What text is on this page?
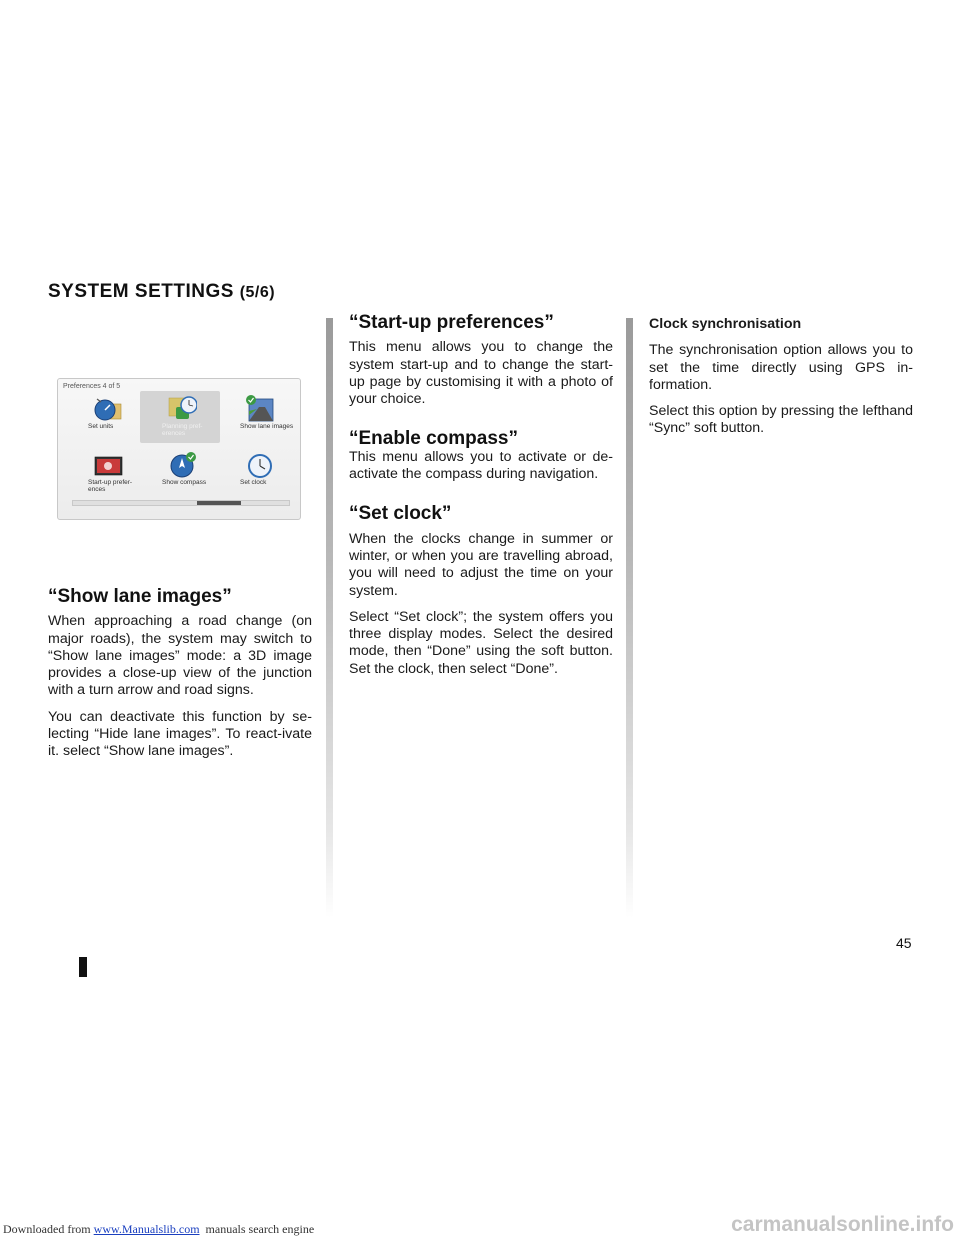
SYSTEM SETTINGS (5/6)
Preferences 4 of 5
Set units	Planning pref-erences
Show lane images
Start-up prefer-ences
Show compass	Set clock
“Show lane images”

When approaching a road change (on major roads), the system may switch to “Show lane images” mode: a 3D image provides a close-up view of the junction with a turn arrow and road signs.

You can deactivate this function by se-lecting “Hide lane images”. To react-ivate it. select “Show lane images”.

“Start-up preferences”

This menu allows you to change the system start-up and to change the start-up page by customising it with a photo of your choice.

“Enable compass”

This menu allows you to activate or de-activate the compass during navigation.

“Set clock”

When the clocks change in summer or winter, or when you are travelling abroad, you will need to adjust the time on your system.

Select “Set clock”; the system offers you three display modes. Select the desired mode, then “Done” using the soft button. Set the clock, then select “Done”.

Clock synchronisation

The synchronisation option allows you to set the time directly using GPS in-formation.

Select this option by pressing the lefthand “Sync” soft button.

45
Downloaded from www.Manualslib.com  manuals search engine	carmanualsonline.info
